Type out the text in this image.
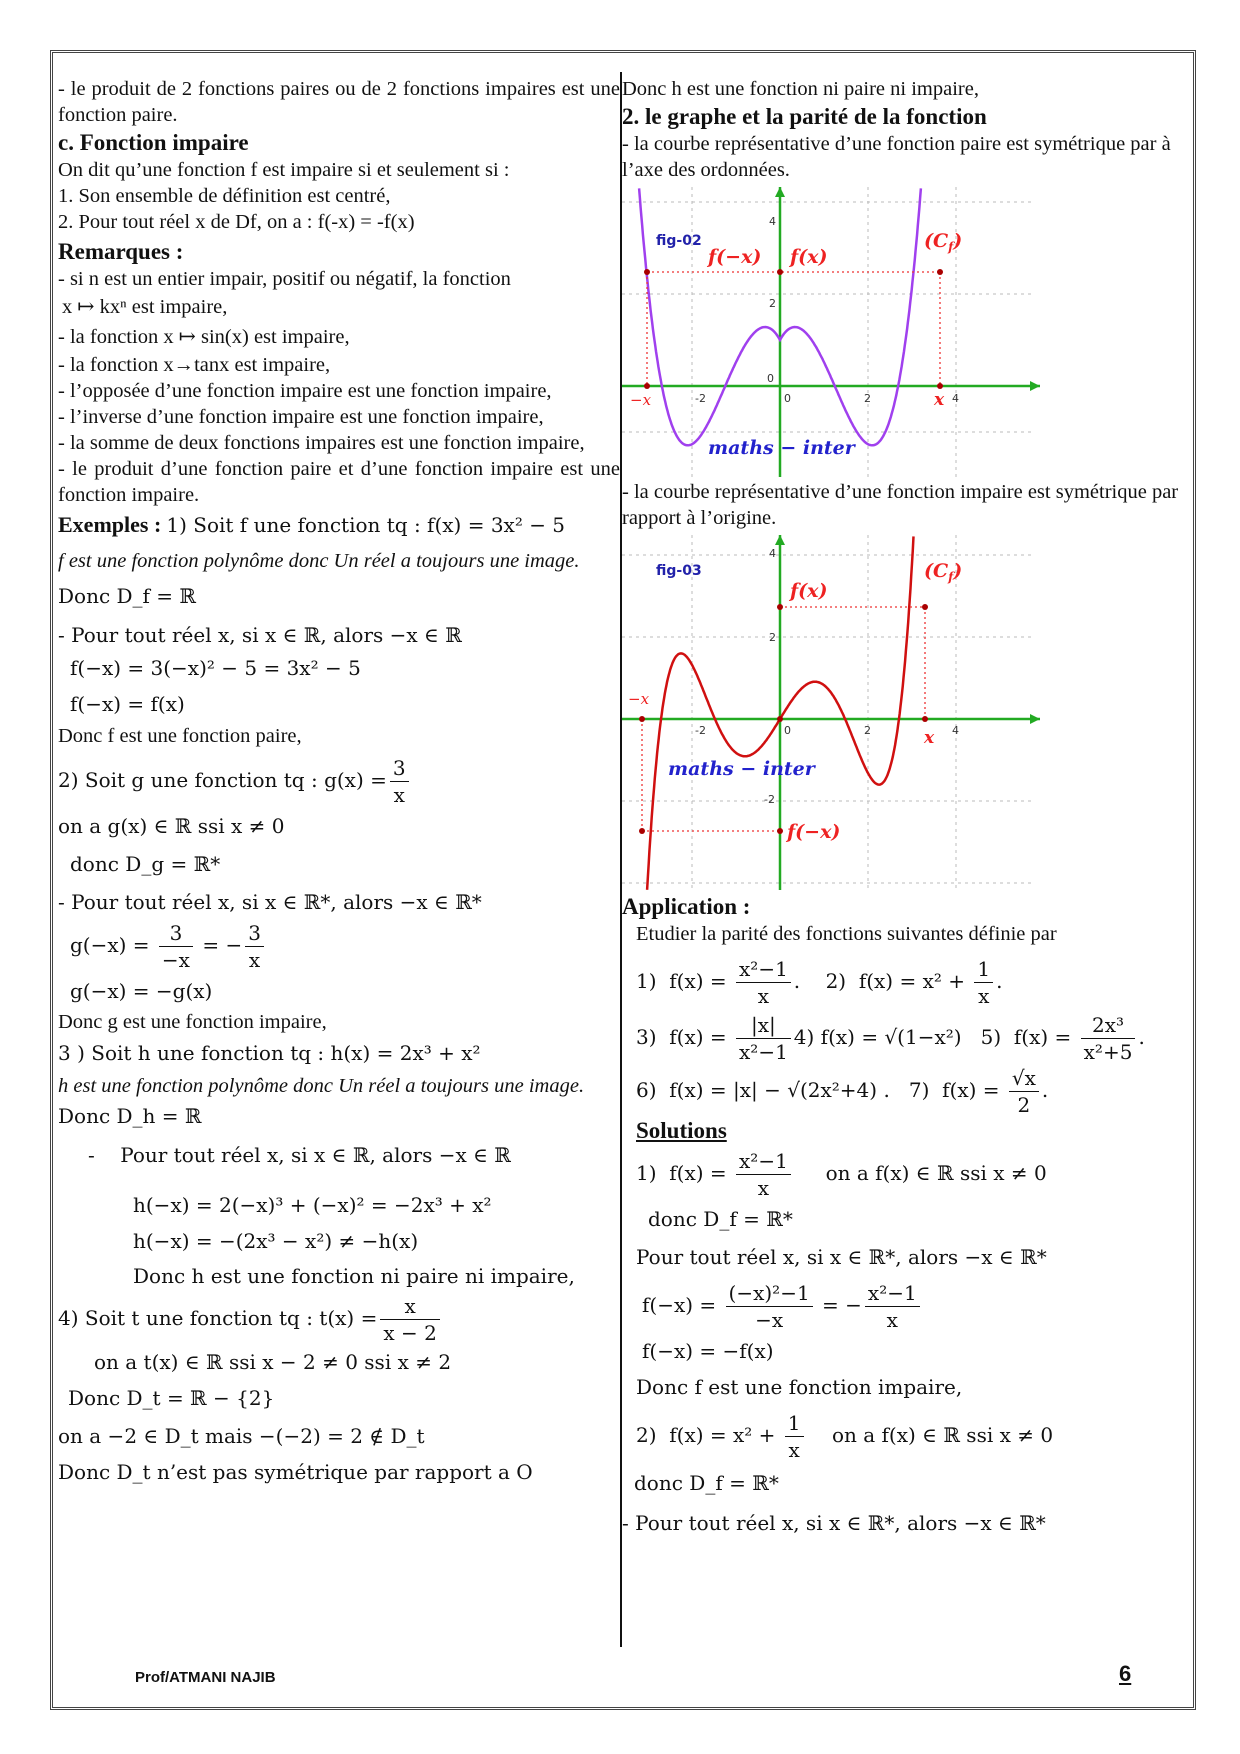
- le produit de 2 fonctions paires ou de 2 fonctions impaires est une fonction paire.

c. Fonction impaire

On dit qu’une fonction f est impaire si et seulement si :

1. Son ensemble de définition est centré,

2. Pour tout réel x de Df, on a : f(-x) = -f(x)

Remarques :

- si n est un entier impair, positif ou négatif, la fonction

x ↦ kxⁿ est impaire,

- la fonction x ↦ sin(x) est impaire,

- la fonction x→tanx est impaire,

- l’opposée d’une fonction impaire est une fonction impaire,

- l’inverse d’une fonction impaire est une fonction impaire,

- la somme de deux fonctions impaires est une fonction impaire,

- le produit d’une fonction paire et d’une fonction impaire est une fonction impaire.

Exemples : 1) Soit f une fonction tq : f(x) = 3x² − 5

f est une fonction polynôme donc Un réel a toujours une image.

Donc D_f = ℝ

- Pour tout réel x, si x ∈ ℝ, alors −x ∈ ℝ

f(−x) = 3(−x)² − 5 = 3x² − 5

f(−x) = f(x)

Donc f est une fonction paire,

2) Soit g une fonction tq : $g(x) = \frac{3}{x}$

on a g(x) ∈ ℝ ssi x ≠ 0

donc D_g = ℝ*

- Pour tout réel x, si x ∈ ℝ*, alors −x ∈ ℝ*

$g(-x) = \frac{3}{-x}$ = − $\frac{3}{x}$

g(−x) = −g(x)

Donc g est une fonction impaire,

3 ) Soit h une fonction tq : h(x) = 2x³ + x²

h est une fonction polynôme donc Un réel a toujours une image.

Donc D_h = ℝ

-    Pour tout réel x, si x ∈ ℝ, alors −x ∈ ℝ

h(−x) = 2(−x)³ + (−x)² = −2x³ + x²

h(−x) = −(2x³ − x²) ≠ −h(x)

Donc h est une fonction ni paire ni impaire,

4) Soit t une fonction tq : $t(x) = \frac{x}{x - 2}$

on a t(x) ∈ ℝ ssi x − 2 ≠ 0 ssi x ≠ 2

Donc D_t = ℝ − {2}

on a −2 ∈ D_t mais −(−2) = 2 ∉ D_t

Donc D_t n’est pas symétrique par rapport a O

Donc h est une fonction ni paire ni impaire,

2. le graphe et la parité de la fonction

- la courbe représentative d’une fonction paire est symétrique par à l’axe des ordonnées.

4
2
0
-2	0	2	4
fig-02
f(−x) f(x)
$(C_f)$
−x	x
maths − inter

- la courbe représentative d’une fonction impaire est symétrique par rapport à l’origine.

4
2
-2
-2	0	2	4
fig-03
f(x)
$(C_f)$
−x
x
maths − inter
f(−x)

Application :

Etudier la parité des fonctions suivantes définie par

1)  $f(x) = \frac{\text{x²−1}}{x}$ .    2)  $f(x) = x^2 + \frac{1}{x}$ .

3)  $f(x) = \frac{|x|}{\text{x²−1}} 4$) f(x) = √(1−x²)   5)  $f(x) = \frac{\text{2x³}}{\text{x²+5}}$ .

6)  f(x) = |x| − √(2x²+4) .   7)  $f(x) = \frac{√x}{2}$ .

Solutions

1)  $f(x) = \frac{\text{x²−1}}{x}$ on a f(x) ∈ ℝ ssi x ≠ 0

donc D_f = ℝ*

Pour tout réel x, si x ∈ ℝ*, alors −x ∈ ℝ*

$f(-x) = \frac{\text{(−x)²−1}}{-x}$ = − $\frac{\text{x²−1}}{x}$

f(−x) = −f(x)

Donc f est une fonction impaire,

2)  $f(x) = x^2 + \frac{1}{x}$ on a f(x) ∈ ℝ ssi x ≠ 0

donc D_f = ℝ*

- Pour tout réel x, si x ∈ ℝ*, alors −x ∈ ℝ*

Prof/ATMANI NAJIB	6
